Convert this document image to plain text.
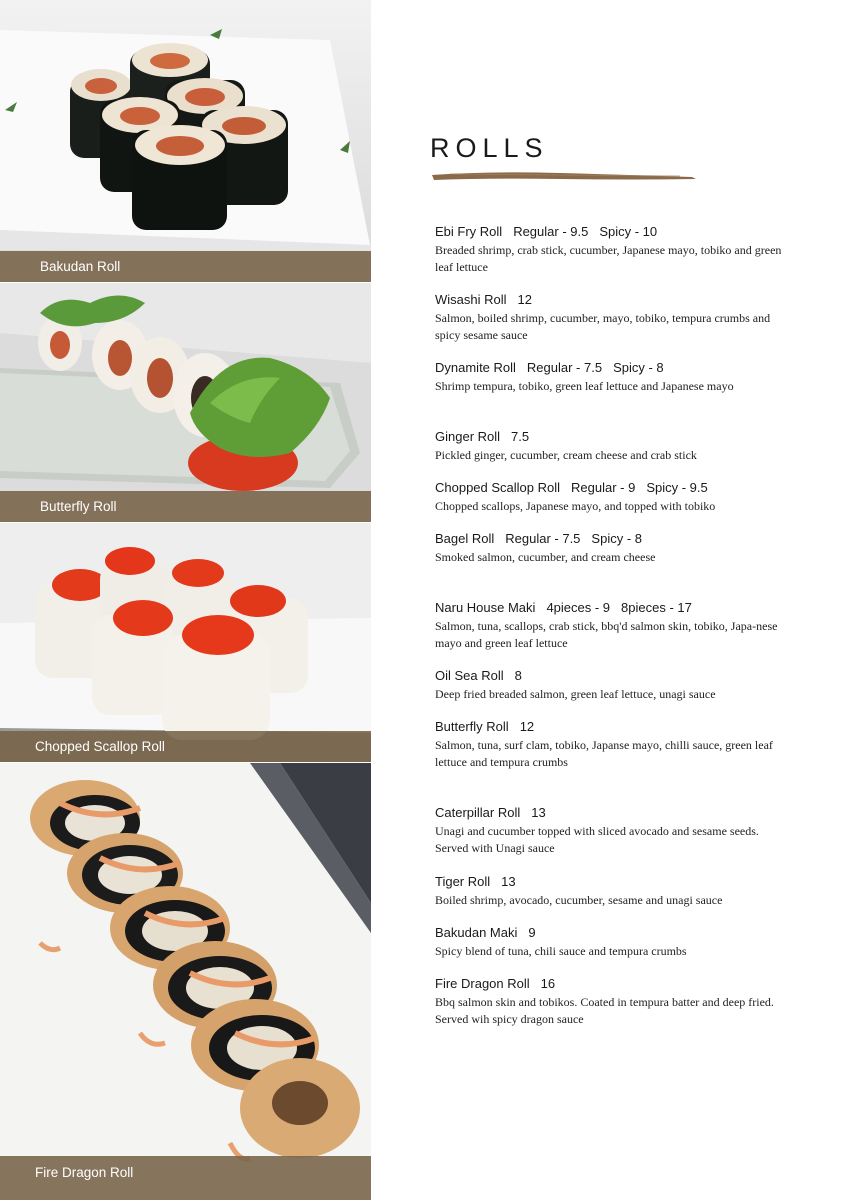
Bakudan Roll
Butterfly Roll
Chopped Scallop Roll
Fire Dragon Roll
ROLLS
Ebi Fry Roll Regular - 9.5 Spicy - 10
Breaded shrimp, crab stick, cucumber, Japanese mayo, tobiko and green leaf lettuce
Wisashi Roll 12
Salmon, boiled shrimp, cucumber, mayo, tobiko, tempura crumbs and spicy sesame sauce
Dynamite Roll Regular - 7.5 Spicy - 8
Shrimp tempura, tobiko, green leaf lettuce and Japanese mayo
Ginger Roll 7.5
Pickled ginger, cucumber, cream cheese and crab stick
Chopped Scallop Roll Regular - 9 Spicy - 9.5
Chopped scallops, Japanese mayo, and topped with tobiko
Bagel Roll Regular - 7.5 Spicy - 8
Smoked salmon, cucumber, and cream cheese
Naru House Maki 4pieces - 9 8pieces - 17
Salmon, tuna, scallops, crab stick, bbq'd salmon skin, tobiko, Japa-nese mayo and green leaf lettuce
Oil Sea Roll 8
Deep fried breaded salmon, green leaf lettuce, unagi sauce
Butterfly Roll 12
Salmon, tuna, surf clam, tobiko, Japanse mayo, chilli sauce, green leaf lettuce and tempura crumbs
Caterpillar Roll 13
Unagi and cucumber topped with sliced avocado and sesame seeds. Served with Unagi sauce
Tiger Roll 13
Boiled shrimp, avocado, cucumber, sesame and unagi sauce
Bakudan Maki 9
Spicy blend of tuna, chili sauce and tempura crumbs
Fire Dragon Roll 16
Bbq salmon skin and tobikos. Coated in tempura batter and deep fried. Served wih spicy dragon sauce
